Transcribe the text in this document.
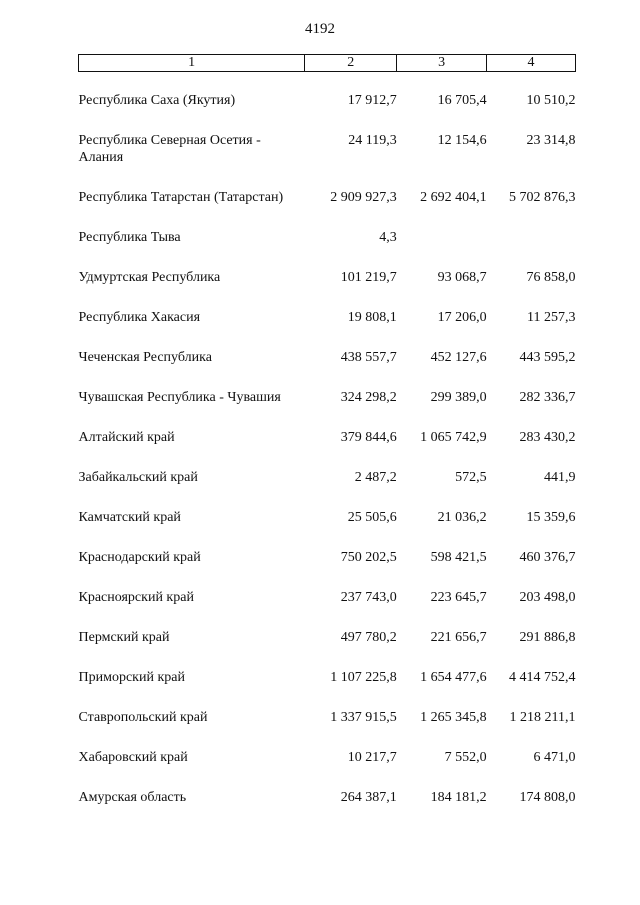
4192
1	2	3	4
Республика Саха (Якутия)	17 912,7	16 705,4	10 510,2
Республика Северная Осетия - Алания	24 119,3	12 154,6	23 314,8
Республика Татарстан (Татарстан)	2 909 927,3	2 692 404,1	5 702 876,3
Республика Тыва	4,3		
Удмуртская Республика	101 219,7	93 068,7	76 858,0
Республика Хакасия	19 808,1	17 206,0	11 257,3
Чеченская Республика	438 557,7	452 127,6	443 595,2
Чувашская Республика - Чувашия	324 298,2	299 389,0	282 336,7
Алтайский край	379 844,6	1 065 742,9	283 430,2
Забайкальский край	2 487,2	572,5	441,9
Камчатский край	25 505,6	21 036,2	15 359,6
Краснодарский край	750 202,5	598 421,5	460 376,7
Красноярский край	237 743,0	223 645,7	203 498,0
Пермский край	497 780,2	221 656,7	291 886,8
Приморский край	1 107 225,8	1 654 477,6	4 414 752,4
Ставропольский край	1 337 915,5	1 265 345,8	1 218 211,1
Хабаровский край	10 217,7	7 552,0	6 471,0
Амурская область	264 387,1	184 181,2	174 808,0
